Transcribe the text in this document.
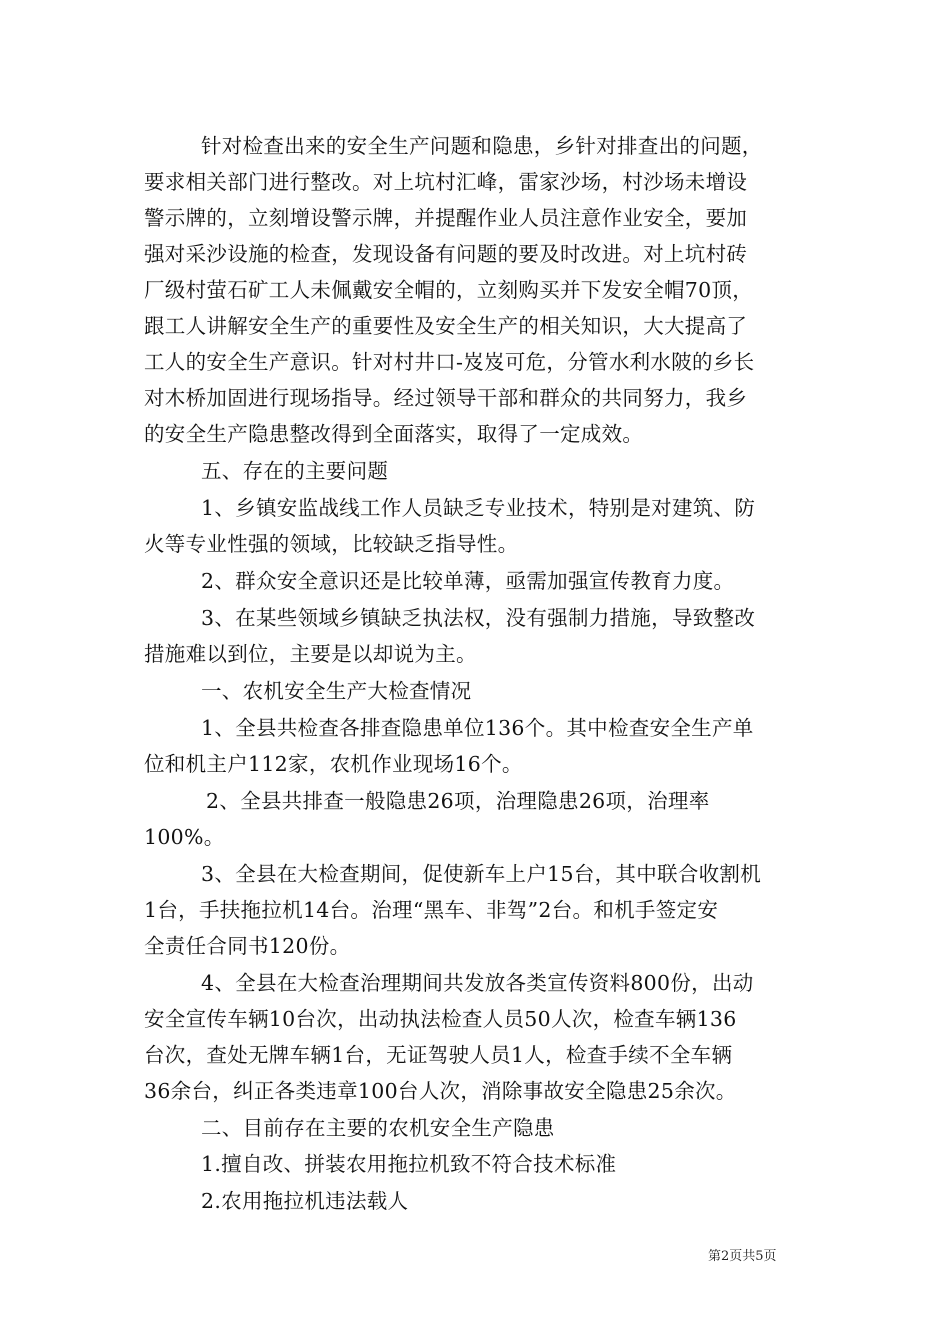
针对检查出来的安全生产问题和隐患，乡针对排查出的问题，
要求相关部门进行整改。对上坑村汇峰，雷家沙场，村沙场未增设
警示牌的，立刻增设警示牌，并提醒作业人员注意作业安全，要加
强对采沙设施的检查，发现设备有问题的要及时改进。对上坑村砖
厂级村萤石矿工人未佩戴安全帽的，立刻购买并下发安全帽70顶，
跟工人讲解安全生产的重要性及安全生产的相关知识，大大提高了
工人的安全生产意识。针对村井口-岌岌可危，分管水利水陂的乡长
对木桥加固进行现场指导。经过领导干部和群众的共同努力，我乡
的安全生产隐患整改得到全面落实，取得了一定成效。
五、存在的主要问题
1、乡镇安监战线工作人员缺乏专业技术，特别是对建筑、防
火等专业性强的领域，比较缺乏指导性。
2、群众安全意识还是比较单薄，亟需加强宣传教育力度。
3、在某些领域乡镇缺乏执法权，没有强制力措施，导致整改
措施难以到位，主要是以却说为主。
一、农机安全生产大检查情况
1、全县共检查各排查隐患单位136个。其中检查安全生产单
位和机主户112家，农机作业现场16个。
2、全县共排查一般隐患26项，治理隐患26项，治理率
100%。
3、全县在大检查期间，促使新车上户15台，其中联合收割机
1台，手扶拖拉机14台。治理“黑车、非驾”2台。和机手签定安
全责任合同书120份。
4、全县在大检查治理期间共发放各类宣传资料800份，出动
安全宣传车辆10台次，出动执法检查人员50人次，检查车辆136
台次，查处无牌车辆1台，无证驾驶人员1人，检查手续不全车辆
36余台，纠正各类违章100台人次，消除事故安全隐患25余次。
二、目前存在主要的农机安全生产隐患
1.擅自改、拼装农用拖拉机致不符合技术标准
2.农用拖拉机违法载人
第2页共5页
